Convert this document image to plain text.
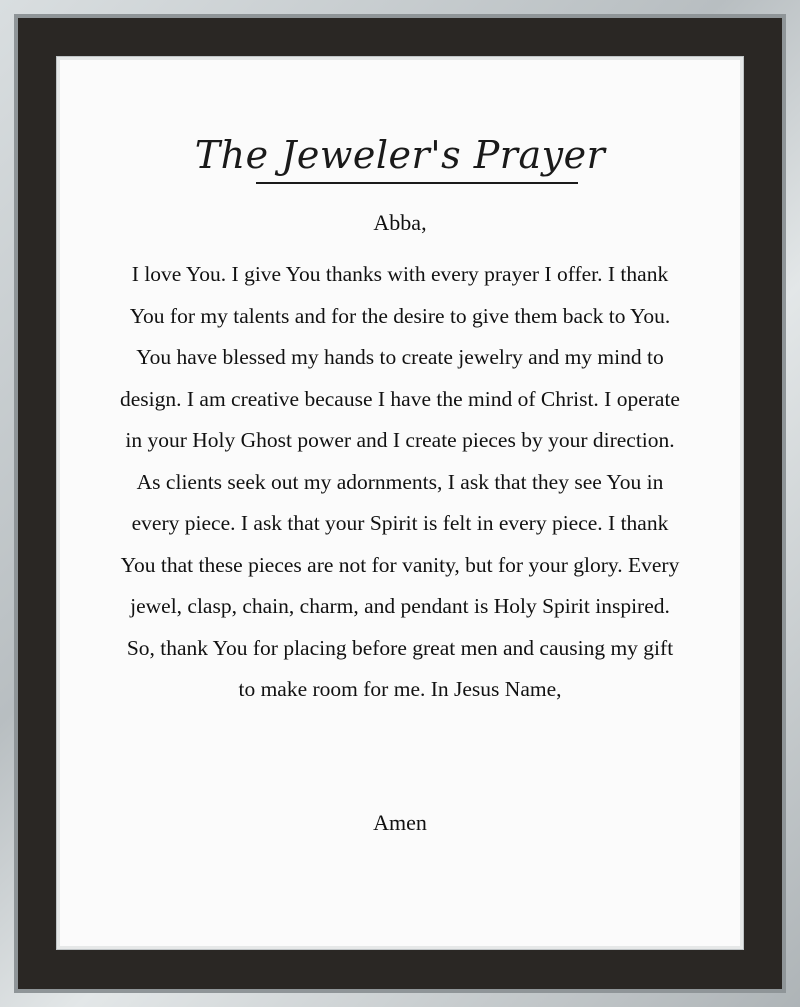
The Jeweler's Prayer
Abba,
I love You. I give You thanks with every prayer I offer. I thank You for my talents and for the desire to give them back to You. You have blessed my hands to create jewelry and my mind to design. I am creative because I have the mind of Christ. I operate in your Holy Ghost power and I create pieces by your direction. As clients seek out my adornments, I ask that they see You in every piece. I ask that your Spirit is felt in every piece. I thank You that these pieces are not for vanity, but for your glory. Every jewel, clasp, chain, charm, and pendant is Holy Spirit inspired. So, thank You for placing before great men and causing my gift to make room for me. In Jesus Name,
Amen
